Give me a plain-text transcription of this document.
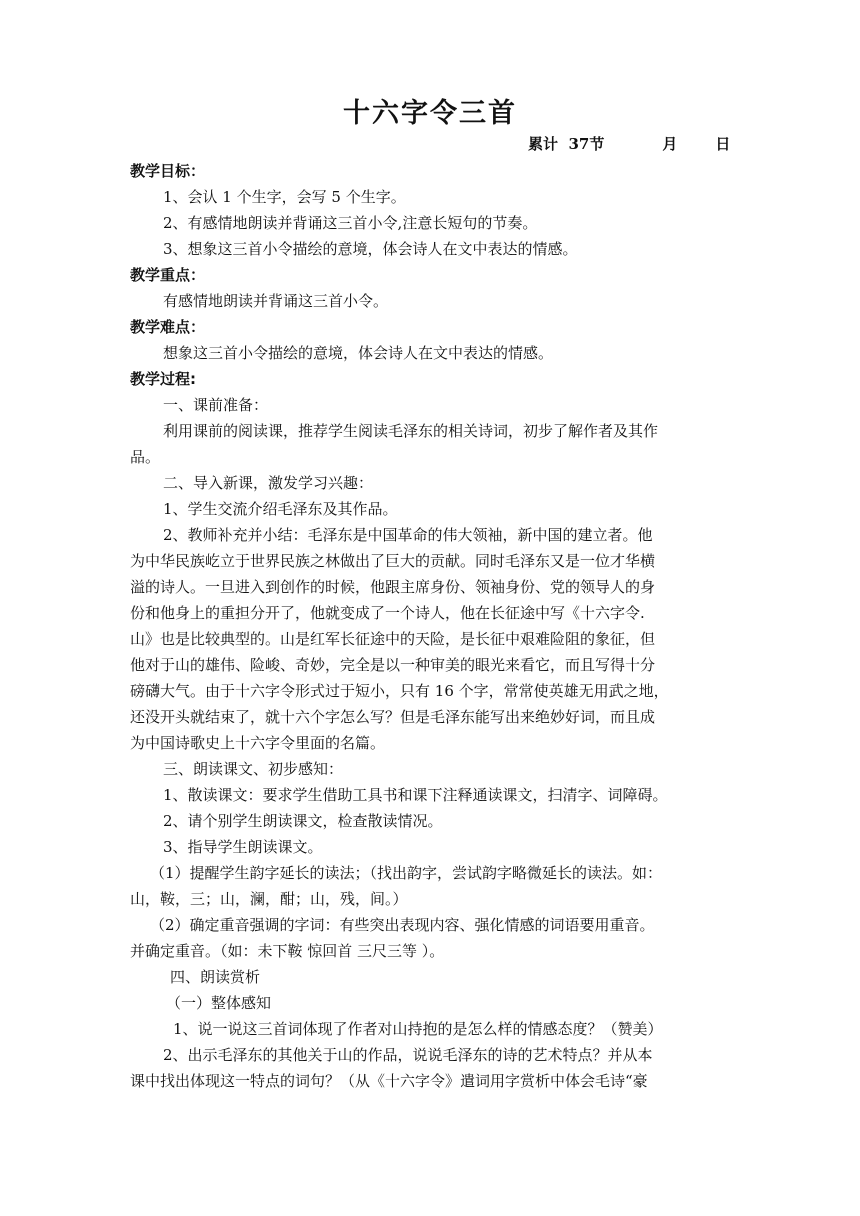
十六字令三首
累计  37节	月	日
教学目标：
1、会认 1 个生字，会写 5 个生字。
2、有感情地朗读并背诵这三首小令,注意长短句的节奏。
3、想象这三首小令描绘的意境，体会诗人在文中表达的情感。
教学重点：
有感情地朗读并背诵这三首小令。
教学难点：
想象这三首小令描绘的意境，体会诗人在文中表达的情感。
教学过程:
一、课前准备：
利用课前的阅读课，推荐学生阅读毛泽东的相关诗词，初步了解作者及其作
品。
二、导入新课，激发学习兴趣：
1、学生交流介绍毛泽东及其作品。
2、教师补充并小结：毛泽东是中国革命的伟大领袖，新中国的建立者。他
为中华民族屹立于世界民族之林做出了巨大的贡献。同时毛泽东又是一位才华横
溢的诗人。一旦进入到创作的时候，他跟主席身份、领袖身份、党的领导人的身
份和他身上的重担分开了，他就变成了一个诗人，他在长征途中写《十六字令.
山》也是比较典型的。山是红军长征途中的天险，是长征中艰难险阻的象征，但
他对于山的雄伟、险峻、奇妙，完全是以一种审美的眼光来看它，而且写得十分
磅礴大气。由于十六字令形式过于短小，只有 16 个字，常常使英雄无用武之地，
还没开头就结束了，就十六个字怎么写？但是毛泽东能写出来绝妙好词，而且成
为中国诗歌史上十六字令里面的名篇。
三、朗读课文、初步感知：
1、散读课文：要求学生借助工具书和课下注释通读课文，扫清字、词障碍。
2、请个别学生朗读课文，检查散读情况。
3、指导学生朗读课文。
（1）提醒学生韵字延长的读法；（找出韵字，尝试韵字略微延长的读法。如：
山，鞍，三；山，澜，酣；山，残，间。）
（2）确定重音强调的字词：有些突出表现内容、强化情感的词语要用重音。
并确定重音。（如：未下鞍 惊回首 三尺三等 ）。
四、朗读赏析
（一）整体感知
1、说一说这三首词体现了作者对山持抱的是怎么样的情感态度？（赞美）
2、出示毛泽东的其他关于山的作品，说说毛泽东的诗的艺术特点？并从本
课中找出体现这一特点的词句？（从《十六字令》遣词用字赏析中体会毛诗“豪
